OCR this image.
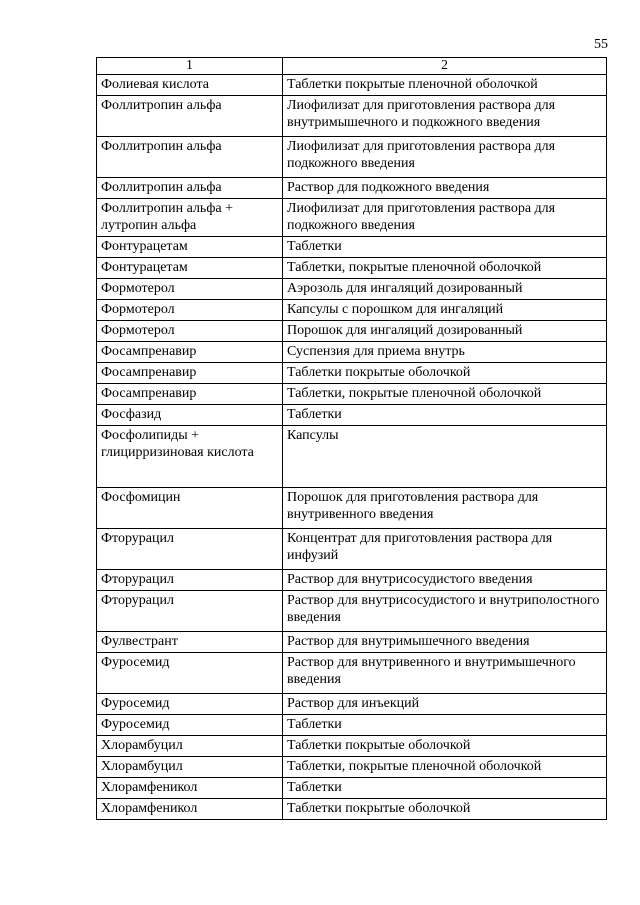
55
1	2
Фолиевая кислота	Таблетки покрытые пленочной оболочкой
Фоллитропин альфа	Лиофилизат для приготовления раствора для внутримышечного и подкожного введения
Фоллитропин альфа	Лиофилизат для приготовления раствора для подкожного введения
Фоллитропин альфа	Раствор для подкожного введения
Фоллитропин альфа + лутропин альфа	Лиофилизат для приготовления раствора для подкожного введения
Фонтурацетам	Таблетки
Фонтурацетам	Таблетки, покрытые пленочной оболочкой
Формотерол	Аэрозоль для ингаляций дозированный
Формотерол	Капсулы с порошком для ингаляций
Формотерол	Порошок для ингаляций дозированный
Фосампренавир	Суспензия для приема внутрь
Фосампренавир	Таблетки покрытые оболочкой
Фосампренавир	Таблетки, покрытые пленочной оболочкой
Фосфазид	Таблетки
Фосфолипиды + глицирризиновая кислота	Капсулы
Фосфомицин	Порошок для приготовления раствора для внутривенного введения
Фторурацил	Концентрат для приготовления раствора для инфузий
Фторурацил	Раствор для внутрисосудистого введения
Фторурацил	Раствор для внутрисосудистого и внутриполостного введения
Фулвестрант	Раствор для внутримышечного введения
Фуросемид	Раствор для внутривенного и внутримышечного введения
Фуросемид	Раствор для инъекций
Фуросемид	Таблетки
Хлорамбуцил	Таблетки покрытые оболочкой
Хлорамбуцил	Таблетки, покрытые пленочной оболочкой
Хлорамфеникол	Таблетки
Хлорамфеникол	Таблетки покрытые оболочкой
